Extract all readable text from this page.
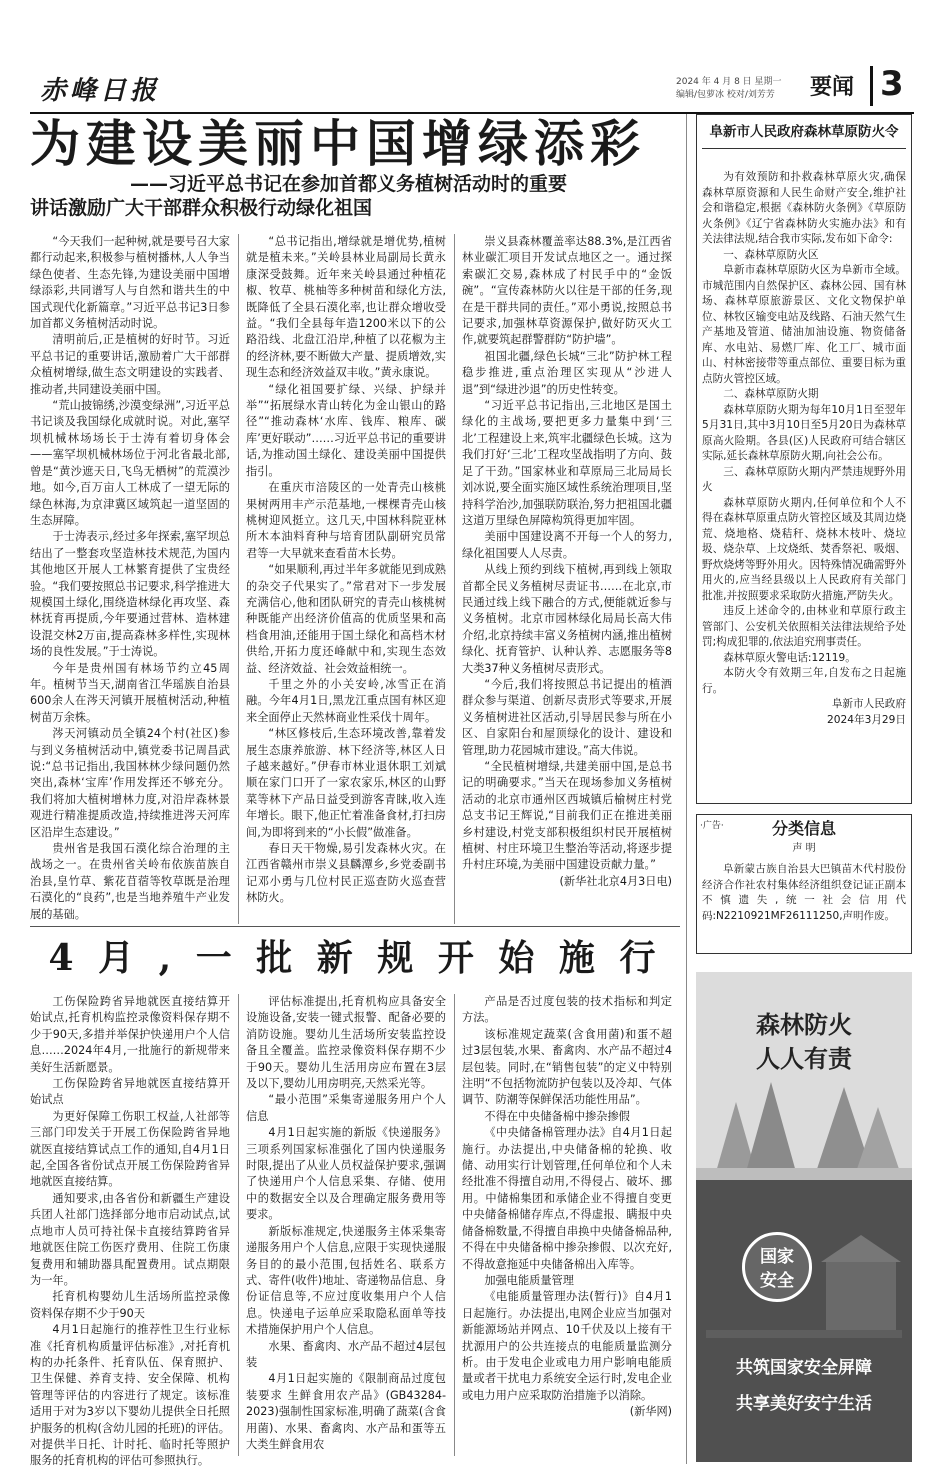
赤峰日报	2024 年 4 月 8 日 星期一
编辑/包萝冰 校对/刘芳芳	要闻 3
为建设美丽中国增绿添彩
——习近平总书记在参加首都义务植树活动时的重要
讲话激励广大干部群众积极行动绿化祖国

“今天我们一起种树,就是要号召大家都行动起来,积极参与植树播林,人人争当绿色使者、生态先锋,为建设美丽中国增绿添彩,共同谱写人与自然和谐共生的中国式现代化新篇章。”习近平总书记3日参加首都义务植树活动时说。

清明前后,正是植树的好时节。习近平总书记的重要讲话,激励着广大干部群众植树增绿,做生态文明建设的实践者、推动者,共同建设美丽中国。

“荒山披锦绣,沙漠变绿洲”,习近平总书记谈及我国绿化成就时说。对此,塞罕坝机械林场场长于士涛有着切身体会——塞罕坝机械林场位于河北省最北部,曾是“黄沙遮天日,飞鸟无栖树”的荒漠沙地。如今,百万亩人工林成了一望无际的绿色林海,为京津冀区域筑起一道坚固的生态屏障。

于士涛表示,经过多年探索,塞罕坝总结出了一整套攻坚造林技术规范,为国内其他地区开展人工林繁育提供了宝贵经验。“我们要按照总书记要求,科学推进大规模国土绿化,围绕造林绿化再攻坚、森林抚育再提质,今年要通过营林、造林建设混交林2万亩,提高森林多样性,实现林场的良性发展。”于士涛说。

今年是贵州国有林场节约立45周年。植树节当天,湖南省江华瑶族自治县600余人在涔天河镇开展植树活动,种植树苗万余株。

涔天河镇动员全镇24个村(社区)参与到义务植树活动中,镇党委书记周昌武说:“总书记指出,我国林林少绿问题仍然突出,森林‘宝库’作用发挥还不够充分。我们将加大植树增林力度,对沿岸森林景观进行精准提质改造,持续推进涔天河库区沿岸生态建设。”

贵州省是我国石漠化综合治理的主战场之一。在贵州省关岭布依族苗族自治县,皇竹草、紫花苜蓿等牧草既是治理石漠化的“良药”,也是当地养殖牛产业发展的基础。

“总书记指出,增绿就是增优势,植树就是植未来。”关岭县林业局副局长黄永康深受鼓舞。近年来关岭县通过种植花椒、牧草、桃柚等多种树苗和绿化方法,既降低了全县石漠化率,也让群众增收受益。“我们全县每年造1200米以下的公路沿线、北盘江沿岸,种植了以花椒为主的经济林,要不断做大产量、提质增效,实现生态和经济效益双丰收。”黄永康说。

“绿化祖国要扩绿、兴绿、护绿并举”“拓展绿水青山转化为金山银山的路径”“推动森林‘水库、钱库、粮库、碳库’更好联动”……习近平总书记的重要讲话,为推动国土绿化、建设美丽中国提供指引。

在重庆市涪陵区的一处青壳山核桃果树两用丰产示范基地,一棵棵青壳山核桃树迎风挺立。这几天,中国林科院亚林所木本油料育种与培育团队副研究员常君等一大早就来查看苗木长势。

“如果顺利,再过半年多就能见到成熟的杂交子代果实了。”常君对下一步发展充满信心,他和团队研究的青壳山核桃树种既能产出经济价值高的优质坚果和高档食用油,还能用于国土绿化和高档木材供给,开拓力度还峰献中和,实现生态效益、经济效益、社会效益相统一。

千里之外的小关安岭,冰雪正在消融。今年4月1日,黑龙江重点国有林区迎来全面停止天然林商业性采伐十周年。

“林区修枝后,生态环境改善,靠着发展生态康养旅游、林下经济等,林区人日子越来越好。”伊春市林业退休职工刘斌顺在家门口开了一家农家乐,林区的山野菜等林下产品日益受到游客青睐,收入连年增长。眼下,他正忙着准备食材,打扫房间,为即将到来的“小长假”做准备。

春日天干物燥,易引发森林火灾。在江西省赣州市崇义县麟潭乡,乡党委副书记邓小勇与几位村民正巡查防火巡查营林防火。

崇义县森林覆盖率达88.3%,是江西省林业碳汇项目开发试点地区之一。通过探索碳汇交易,森林成了村民手中的“金饭碗”。“宣传森林防火以往是干部的任务,现在是干群共同的责任。”邓小勇说,按照总书记要求,加强林草资源保护,做好防灭火工作,就要筑起群警群防“防护墙”。

祖国北疆,绿色长城“三北”防护林工程稳步推进,重点治理区实现从“沙进人退”到“绿进沙退”的历史性转变。

“习近平总书记指出,三北地区是国土绿化的主战场,要把更多力量集中到‘三北’工程建设上来,筑牢北疆绿色长城。这为我们打好‘三北’工程攻坚战指明了方向、鼓足了干劲。”国家林业和草原局三北局局长刘冰说,要全面实施区域性系统治理项目,坚持科学治沙,加强联防联治,努力把祖国北疆这道万里绿色屏障构筑得更加牢固。

美丽中国建设离不开每一个人的努力,绿化祖国要人人尽责。

从线上预约到线下植树,再到线上领取首都全民义务植树尽责证书……在北京,市民通过线上线下融合的方式,便能就近参与义务植树。北京市园林绿化局局长高大伟介绍,北京持续丰富义务植树内涵,推出植树绿化、抚育管护、认种认养、志愿服务等8大类37种义务植树尽责形式。

“今后,我们将按照总书记提出的植酒群众参与渠道、创新尽责形式等要求,开展义务植树进社区活动,引导居民参与所在小区、自家阳台和屋顶绿化的设计、建设和管理,助力花园城市建设。”高大伟说。

“全民植树增绿,共建美丽中国,是总书记的明确要求。”当天在现场参加义务植树活动的北京市通州区西城镇后榆树庄村党总支书记王辉说,“目前我们正在推进美丽乡村建设,村党支部积极组织村民开展植树植树、村庄环境卫生整治等活动,将逐步提升村庄环境,为美丽中国建设贡献力量。”

(新华社北京4月3日电)

4 月 , 一 批 新 规 开 始 施 行

工伤保险跨省异地就医直接结算开始试点,托育机构监控录像资料保存期不少于90天,多措并举保护快递用户个人信息……2024年4月,一批施行的新规带来美好生活新愿景。

工伤保险跨省异地就医直接结算开始试点

为更好保障工伤职工权益,人社部等三部门印发关于开展工伤保险跨省异地就医直接结算试点工作的通知,自4月1日起,全国各省份试点开展工伤保险跨省异地就医直接结算。

通知要求,由各省份和新疆生产建设兵团人社部门选择部分地市启动试点,试点地市人员可持社保卡直接结算跨省异地就医住院工伤医疗费用、住院工伤康复费用和辅助器具配置费用。试点期限为一年。

托育机构婴幼儿生活场所监控录像资料保存期不少于90天

4月1日起施行的推荐性卫生行业标准《托育机构质量评估标准》,对托育机构的办托条件、托育队伍、保育照护、卫生保健、养育支持、安全保障、机构管理等评估的内容进行了规定。该标准适用于对为3岁以下婴幼儿提供全日托照护服务的机构(含幼儿园的托班)的评估。对提供半日托、计时托、临时托等照护服务的托育机构的评估可参照执行。

评估标准提出,托育机构应具备安全设施设备,安装一键式报警、配备必要的消防设施。婴幼儿生活场所安装监控设备且全覆盖。监控录像资料保存期不少于90天。婴幼儿生活用房应布置在3层及以下,婴幼儿用房明亮,天然采光等。

“最小范围”采集寄递服务用户个人信息

4月1日起实施的新版《快递服务》三项系列国家标准强化了国内快递服务时限,提出了从业人员权益保护要求,强调了快递用户个人信息采集、存储、使用中的数据安全以及合理确定服务费用等要求。

新版标准规定,快递服务主体采集寄递服务用户个人信息,应限于实现快递服务目的的最小范围,包括姓名、联系方式、寄件(收件)地址、寄递物品信息、身份证信息等,不应过度收集用户个人信息。快递电子运单应采取隐私面单等技术措施保护用户个人信息。

水果、畜禽肉、水产品不超过4层包装

4月1日起实施的《限制商品过度包装要求 生鲜食用农产品》(GB43284-2023)强制性国家标准,明确了蔬菜(含食用菌)、水果、畜禽肉、水产品和蛋等五大类生鲜食用农

产品是否过度包装的技术指标和判定方法。

该标准规定蔬菜(含食用菌)和蛋不超过3层包装,水果、畜禽肉、水产品不超过4层包装。同时,在“销售包装”的定义中特别注明“不包括物流防护包装以及冷却、气体调节、防潮等保鲜保活功能性用品”。

不得在中央储备棉中掺杂掺假

《中央储备棉管理办法》自4月1日起施行。办法提出,中央储备棉的轮换、收储、动用实行计划管理,任何单位和个人未经批准不得擅自动用,不得侵占、破坏、挪用。中储棉集团和承储企业不得擅自变更中央储备棉储存库点,不得虚报、瞒报中央储备棉数量,不得擅自串换中央储备棉品种,不得在中央储备棉中掺杂掺假、以次充好,不得故意拖延中央储备棉出入库等。

加强电能质量管理

《电能质量管理办法(暂行)》自4月1日起施行。办法提出,电网企业应当加强对新能源场站并网点、10千伏及以上接有干扰源用户的公共连接点的电能质量监测分析。由于发电企业或电力用户影响电能质量或者干扰电力系统安全运行时,发电企业或电力用户应采取防治措施予以消除。

(新华网)

阜新市人民政府森林草原防火令

为有效预防和扑救森林草原火灾,确保森林草原资源和人民生命财产安全,维护社会和谐稳定,根据《森林防火条例》《草原防火条例》《辽宁省森林防火实施办法》和有关法律法规,结合我市实际,发布如下命令:

一、森林草原防火区

阜新市森林草原防火区为阜新市全域。市城范围内自然保护区、森林公园、国有林场、森林草原旅游景区、文化文物保护单位、林牧区输变电站及线路、石油天然气生产基地及管道、储油加油设施、物资储备库、水电站、易燃厂库、化工厂、城市面山、村林密接带等重点部位、重要目标为重点防火管控区域。

二、森林草原防火期

森林草原防火期为每年10月1日至翌年5月31日,其中3月10日至5月20日为森林草原高火险期。各县(区)人民政府可结合辖区实际,延长森林草原防火期,向社会公布。

三、森林草原防火期内严禁违规野外用火

森林草原防火期内,任何单位和个人不得在森林草原重点防火管控区域及其周边烧荒、烧地格、烧秸秆、烧林木枝叶、烧垃圾、烧杂草、上坟烧纸、焚香祭祀、吸烟、野炊烧烤等野外用火。因特殊情况确需野外用火的,应当经县级以上人民政府有关部门批准,并按照要求采取防火措施,严防失火。

违反上述命令的,由林业和草原行政主管部门、公安机关依照相关法律法规给予处罚;构成犯罪的,依法追究刑事责任。

森林草原火警电话:12119。

本防火令有效期三年,自发布之日起施行。

阜新市人民政府

2024年3月29日

·广告·	分类信息
声 明

阜新蒙古族自治县大巴镇苗木代村股份经济合作社农村集体经济组织登记证正副本不慎遗失,统一社会信用代码:N2210921MF26111250,声明作废。

森林防火
人人有责
国家
安全
共筑国家安全屏障
共享美好安宁生活
